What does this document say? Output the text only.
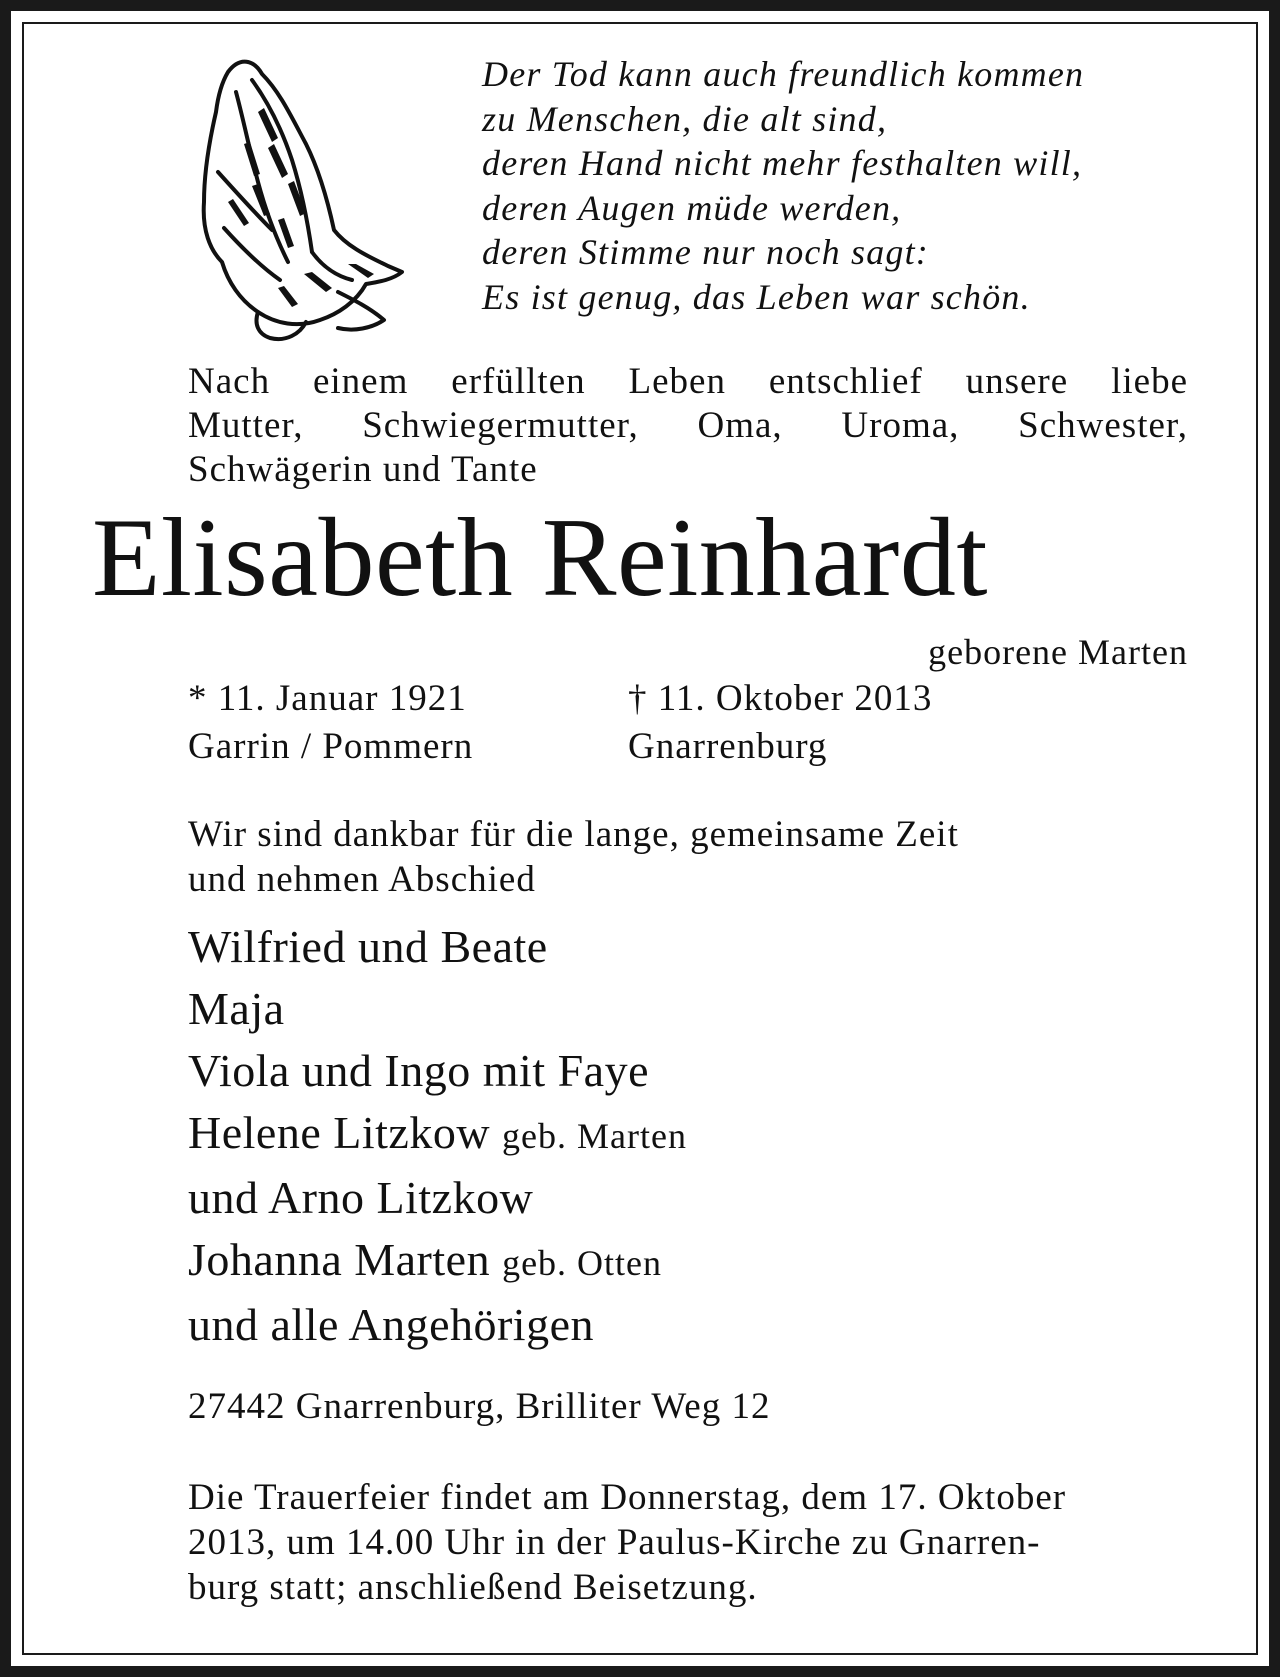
Der Tod kann auch freundlich kommen
zu Menschen, die alt sind,
deren Hand nicht mehr festhalten will,
deren Augen müde werden,
deren Stimme nur noch sagt:
Es ist genug, das Leben war schön.
Nach einem erfüllten Leben entschlief unsere liebe
Mutter, Schwiegermutter, Oma, Uroma, Schwester,
Schwägerin und Tante
Elisabeth Reinhardt
geborene Marten
* 11. Januar 1921
Garrin / Pommern
† 11. Oktober 2013
Gnarrenburg
Wir sind dankbar für die lange, gemeinsame Zeit
und nehmen Abschied
Wilfried und Beate
Maja
Viola und Ingo mit Faye
Helene Litzkow geb. Marten
und Arno Litzkow
Johanna Marten geb. Otten
und alle Angehörigen
27442 Gnarrenburg, Brilliter Weg 12
Die Trauerfeier findet am Donnerstag, dem 17. Oktober
2013, um 14.00 Uhr in der Paulus-Kirche zu Gnarren-
burg statt; anschließend Beisetzung.
